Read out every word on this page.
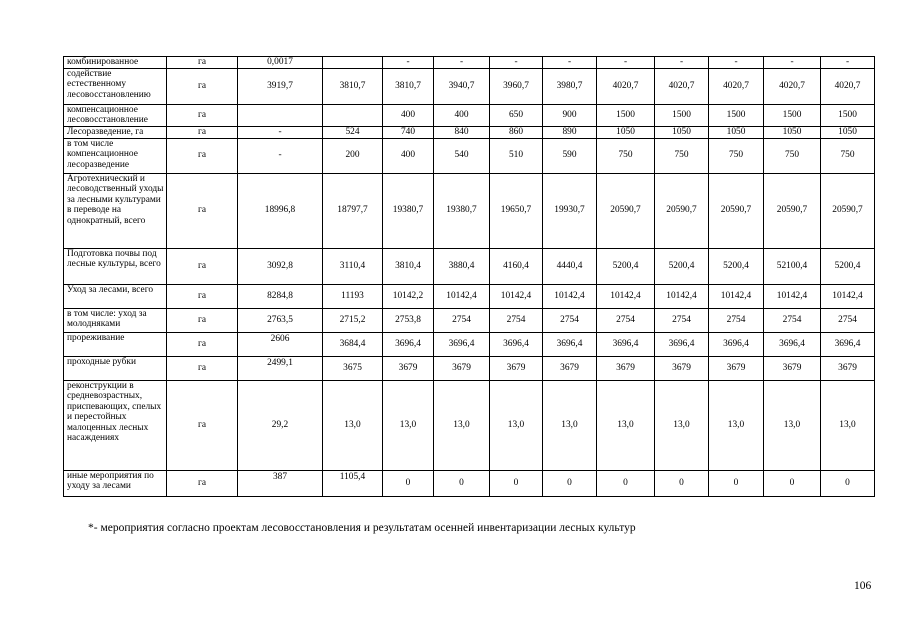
комбинированное	га	0,0017		-	-	-	-	-	-	-	-	-
содействие естественному лесовосстановлению	га	3919,7	3810,7	3810,7	3940,7	3960,7	3980,7	4020,7	4020,7	4020,7	4020,7	4020,7
компенсационное лесовосстановление	га			400	400	650	900	1500	1500	1500	1500	1500
Лесоразведение, га	га	-	524	740	840	860	890	1050	1050	1050	1050	1050
в том числе компенсационное лесоразведение	га	-	200	400	540	510	590	750	750	750	750	750
Агротехнический и лесоводственный уходы за лесными культурами в переводе на однократный, всего	га	18996,8	18797,7	19380,7	19380,7	19650,7	19930,7	20590,7	20590,7	20590,7	20590,7	20590,7
Подготовка почвы под лесные культуры, всего	га	3092,8	3110,4	3810,4	3880,4	4160,4	4440,4	5200,4	5200,4	5200,4	52100,4	5200,4
Уход за лесами, всего	га	8284,8	11193	10142,2	10142,4	10142,4	10142,4	10142,4	10142,4	10142,4	10142,4	10142,4
в том числе: уход за молодняками	га	2763,5	2715,2	2753,8	2754	2754	2754	2754	2754	2754	2754	2754
прореживание	га	2606	3684,4	3696,4	3696,4	3696,4	3696,4	3696,4	3696,4	3696,4	3696,4	3696,4
проходные рубки	га	2499,1	3675	3679	3679	3679	3679	3679	3679	3679	3679	3679
реконструкции в средневозрастных, приспевающих, спелых и перестойных малоценных лесных насаждениях	га	29,2	13,0	13,0	13,0	13,0	13,0	13,0	13,0	13,0	13,0	13,0
иные мероприятия по уходу за лесами	га	387	1105,4	0	0	0	0	0	0	0	0	0
*- мероприятия согласно проектам лесовосстановления и результатам осенней инвентаризации лесных культур
106
